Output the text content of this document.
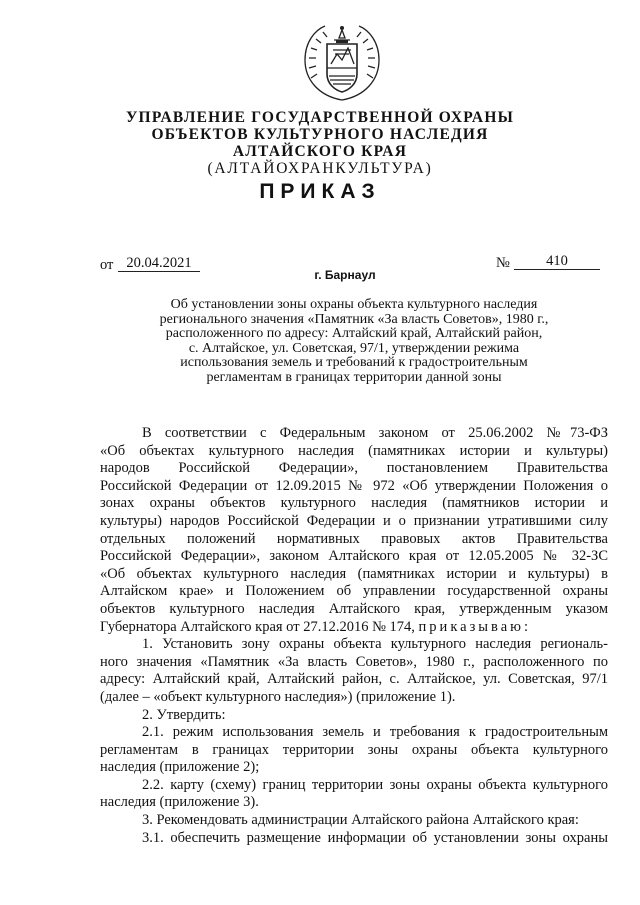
УПРАВЛЕНИЕ ГОСУДАРСТВЕННОЙ ОХРАНЫ
ОБЪЕКТОВ КУЛЬТУРНОГО НАСЛЕДИЯ
АЛТАЙСКОГО КРАЯ
(АЛТАЙОХРАНКУЛЬТУРА)
ПРИКАЗ
от 20.04.2021	№	410
г. Барнаул
Об установлении зоны охраны объекта культурного наследия
регионального значения «Памятник «За власть Советов», 1980 г.,
расположенного по адресу: Алтайский край, Алтайский район,
с. Алтайское, ул. Советская, 97/1, утверждении режима
использования земель и требований к градостроительным
регламентам в границах территории данной зоны
В соответствии с Федеральным законом от 25.06.2002 №73-ФЗ
«Об объектах культурного наследия (памятниках истории и культуры)
народов Российской Федерации», постановлением Правительства
Российской Федерации от 12.09.2015 № 972 «Об утверждении Положения о
зонах охраны объектов культурного наследия (памятников истории и
культуры) народов Российской Федерации и о признании утратившими силу
отдельных положений нормативных правовых актов Правительства
Российской Федерации», законом Алтайского края от 12.05.2005 № 32-ЗС
«Об объектах культурного наследия (памятниках истории и культуры) в
Алтайском крае» и Положением об управлении государственной охраны
объектов культурного наследия Алтайского края, утвержденным указом
Губернатора Алтайского края от 27.12.2016 № 174, приказываю:
1. Установить зону охраны объекта культурного наследия региональ-
ного значения «Памятник «За власть Советов», 1980 г., расположенного по
адресу: Алтайский край, Алтайский район, с. Алтайское, ул. Советская, 97/1
(далее – «объект культурного наследия») (приложение 1).
2. Утвердить:
2.1. режим использования земель и требования к градостроительным
регламентам в границах территории зоны охраны объекта культурного
наследия (приложение 2);
2.2. карту (схему) границ территории зоны охраны объекта культурного
наследия (приложение 3).
3. Рекомендовать администрации Алтайского района Алтайского края:
3.1. обеспечить размещение информации об установлении зоны охраны
